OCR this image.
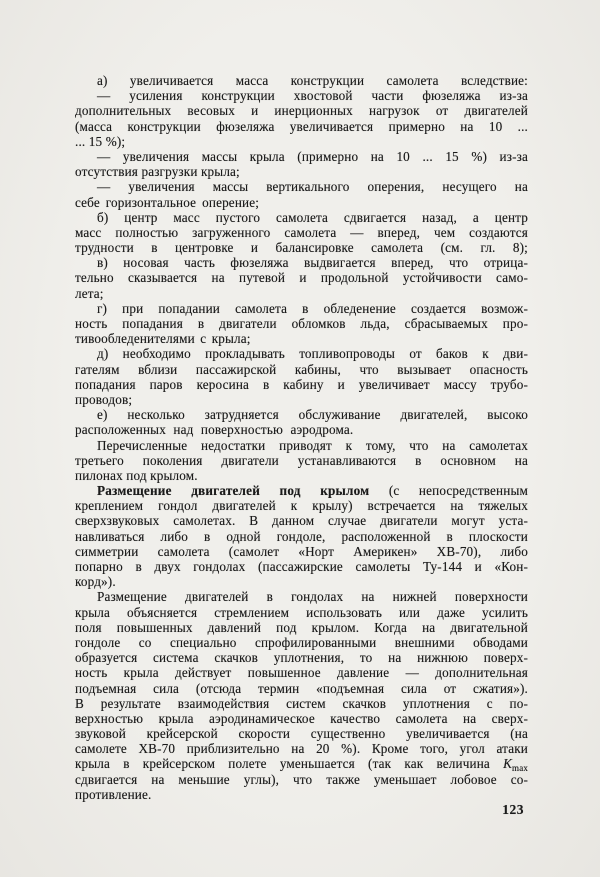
а) увеличивается масса конструкции самолета вследствие:
— усиления конструкции хвостовой части фюзеляжа из-за
дополнительных весовых и инерционных нагрузок от двигателей
(масса конструкции фюзеляжа увеличивается примерно на 10 ...
... 15 %);
— увеличения массы крыла (примерно на 10 ... 15 %) из-за
отсутствия разгрузки крыла;
— увеличения массы вертикального оперения, несущего на
себе горизонтальное оперение;
б) центр масс пустого самолета сдвигается назад, а центр
масс полностью загруженного самолета — вперед, чем создаются
трудности в центровке и балансировке самолета (см. гл. 8);
в) носовая часть фюзеляжа выдвигается вперед, что отрица-
тельно сказывается на путевой и продольной устойчивости само-
лета;
г) при попадании самолета в обледенение создается возмож-
ность попадания в двигатели обломков льда, сбрасываемых про-
тивообледенителями с крыла;
д) необходимо прокладывать топливопроводы от баков к дви-
гателям вблизи пассажирской кабины, что вызывает опасность
попадания паров керосина в кабину и увеличивает массу трубо-
проводов;
е) несколько затрудняется обслуживание двигателей, высоко
расположенных над поверхностью аэродрома.
Перечисленные недостатки приводят к тому, что на самолетах
третьего поколения двигатели устанавливаются в основном на
пилонах под крылом.
Размещение двигателей под крылом (с непосредственным
креплением гондол двигателей к крылу) встречается на тяжелых
сверхзвуковых самолетах. В данном случае двигатели могут уста-
навливаться либо в одной гондоле, расположенной в плоскости
симметрии самолета (самолет «Норт Америкен» ХВ-70), либо
попарно в двух гондолах (пассажирские самолеты Ту-144 и «Кон-
корд»).
Размещение двигателей в гондолах на нижней поверхности
крыла объясняется стремлением использовать или даже усилить
поля повышенных давлений под крылом. Когда на двигательной
гондоле со специально спрофилированными внешними обводами
образуется система скачков уплотнения, то на нижнюю поверх-
ность крыла действует повышенное давление — дополнительная
подъемная сила (отсюда термин «подъемная сила от сжатия»).
В результате взаимодействия систем скачков уплотнения с по-
верхностью крыла аэродинамическое качество самолета на сверх-
звуковой крейсерской скорости существенно увеличивается (на
самолете ХВ-70 приблизительно на 20 %). Кроме того, угол атаки
крыла в крейсерском полете уменьшается (так как величина $K_{max}$
сдвигается на меньшие углы), что также уменьшает лобовое со-
противление.
123
